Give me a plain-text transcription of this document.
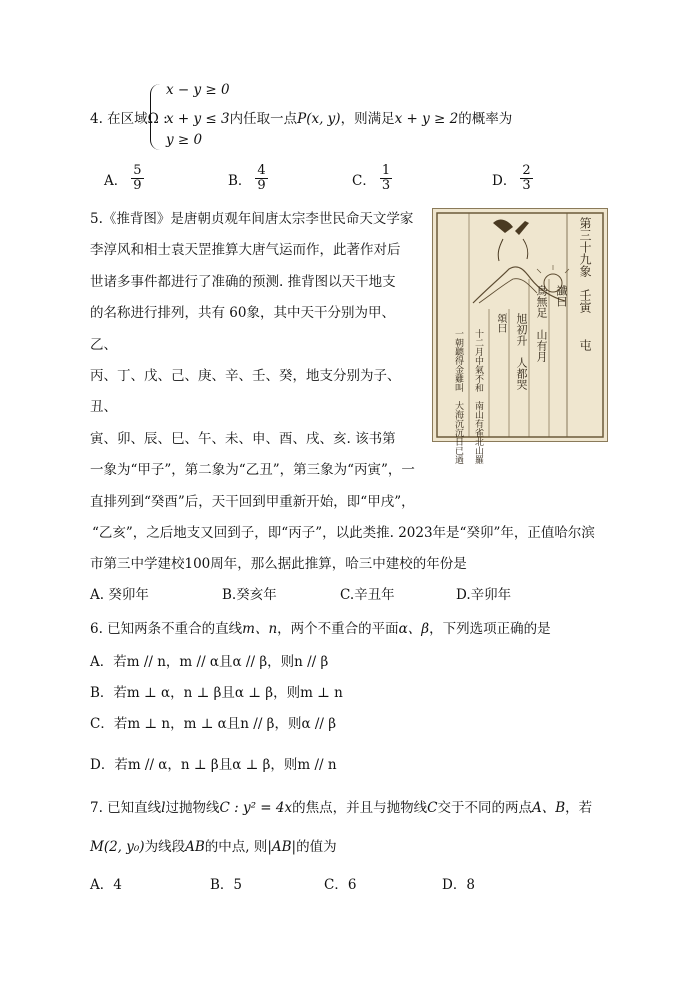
x − y ≥ 0
4. 在区域Ω :
x + y ≤ 3内任取一点P(x, y)，则满足x + y ≥ 2的概率为
y ≥ 0
A． $\frac{5}{9}$	B． $\frac{4}{9}$	C． $\frac{1}{3}$	D． $\frac{2}{3}$
5.《推背图》是唐朝贞观年间唐太宗李世民命天文学家
李淳风和相士袁天罡推算大唐气运而作，此著作对后
世诸多事件都进行了准确的预测. 推背图以天干地支
的名称进行排列，共有 60象，其中天干分别为甲、
乙、
丙、丁、戊、己、庚、辛、壬、癸，地支分别为子、
丑、
寅、卯、辰、巳、午、未、申、酉、戌、亥. 该书第
一象为“甲子”，第二象为“乙丑”，第三象为“丙寅”，一
直排列到“癸酉”后，天干回到甲重新开始，即“甲戌”，
“乙亥”，之后地支又回到子，即“丙子”，以此类推. 2023年是“癸卯”年，正值哈尔滨
市第三中学建校100周年，那么据此推算，哈三中建校的年份是
A. 癸卯年	B.癸亥年	C.辛丑年	D.辛卯年
第三十九象
壬寅
屯
讖曰
鳥無足　山有月
旭初升　人都哭
頌曰
十二月中氣不和　南山有雀北山羅
一朝聽得金雞叫　大海沉沉日已過
6. 已知两条不重合的直线m、n，两个不重合的平面α、β，下列选项正确的是
A．若m // n，m // α且α // β，则n // β
B．若m ⊥ α，n ⊥ β且α ⊥ β，则m ⊥ n
C．若m ⊥ n，m ⊥ α且n // β，则α // β
D．若m // α，n ⊥ β且α ⊥ β，则m // n
7. 已知直线l过抛物线C : y² = 4x的焦点，并且与抛物线C交于不同的两点A、B，若
M(2, y₀)为线段AB的中点, 则|AB|的值为
A．4	B．5	C．6	D．8
